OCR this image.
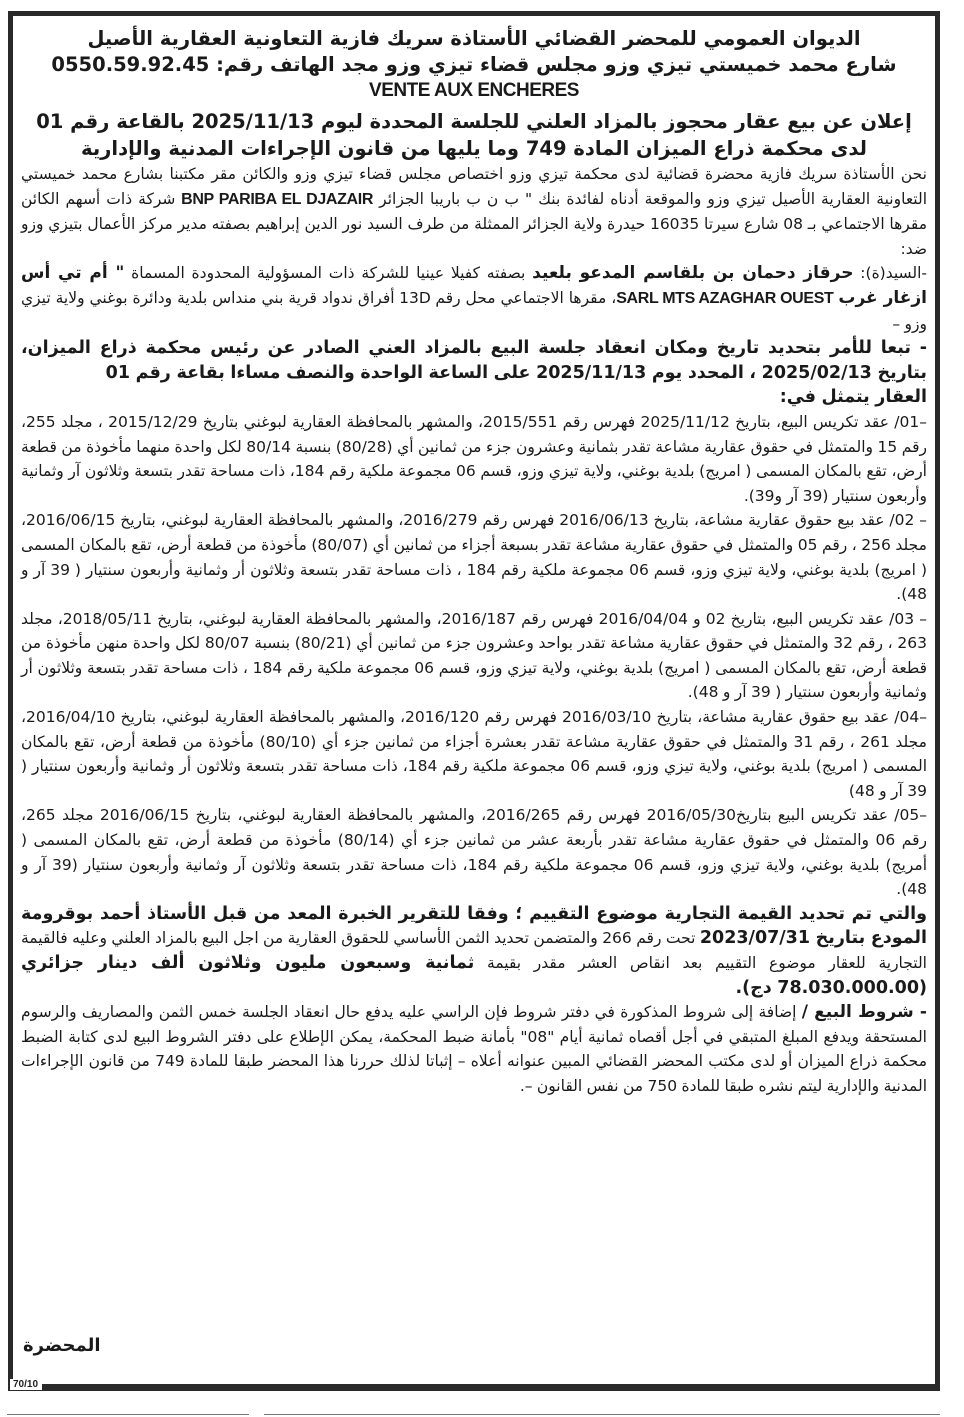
الديوان العمومي للمحضر القضائي الأستاذة سريك فازية التعاونية العقارية الأصيل
شارع محمد خميستي تيزي وزو مجلس قضاء تيزي وزو مجد الهاتف رقم: 0550.59.92.45
VENTE AUX ENCHERES
إعلان عن بيع عقار محجوز بالمزاد العلني للجلسة المحددة ليوم 2025/11/13 بالقاعة رقم 01
لدى محكمة ذراع الميزان المادة 749 وما يليها من قانون الإجراءات المدنية والإدارية

نحن الأستاذة سريك فازية محضرة قضائية لدى محكمة تيزي وزو اختصاص مجلس قضاء تيزي وزو والكائن مقر مكتبنا بشارع محمد خميستي التعاونية العقارية الأصيل تيزي وزو والموقعة أدناه لفائدة بنك " ب ن ب باريبا الجزائر BNP PARIBA EL DJAZAIR شركة ذات أسهم الكائن مقرها الاجتماعي بـ 08 شارع سيرتا 16035 حيدرة ولاية الجزائر الممثلة من طرف السيد نور الدين إبراهيم بصفته مدير مركز الأعمال بتيزي وزو ضد:

-السيد(ة): حرقاز دحمان بن بلقاسم المدعو بلعيد بصفته كفيلا عينيا للشركة ذات المسؤولية المحدودة المسماة " أم تي أس ازغار غرب SARL MTS AZAGHAR OUEST، مقرها الاجتماعي محل رقم 13D أفراق ندواد قرية بني منداس بلدية ودائرة بوغني ولاية تيزي وزو –

- تبعا للأمر بتحديد تاريخ ومكان انعقاد جلسة البيع بالمزاد العني الصادر عن رئيس محكمة ذراع الميزان، بتاريخ 2025/02/13 ، المحدد يوم 2025/11/13 على الساعة الواحدة والنصف مساءا بقاعة رقم 01

العقار يتمثل في:

–01/ عقد تكريس البيع، بتاريخ 2025/11/12 فهرس رقم 2015/551، والمشهر بالمحافظة العقارية لبوغني بتاريخ 2015/12/29 ، مجلد 255، رقم 15 والمتمثل في حقوق عقارية مشاعة تقدر بثمانية وعشرون جزء من ثمانين أي (80/28) بنسبة 80/14 لكل واحدة منهما مأخوذة من قطعة أرض، تقع بالمكان المسمى ( امريج) بلدية بوغني، ولاية تيزي وزو، قسم 06 مجموعة ملكية رقم 184، ذات مساحة تقدر بتسعة وثلاثون آر وثمانية وأربعون سنتيار (39 آر و39).

– 02/ عقد بيع حقوق عقارية مشاعة، بتاريخ 2016/06/13 فهرس رقم 2016/279، والمشهر بالمحافظة العقارية لبوغني، بتاريخ 2016/06/15، مجلد 256 ، رقم 05 والمتمثل في حقوق عقارية مشاعة تقدر بسبعة أجزاء من ثمانين أي (80/07) مأخوذة من قطعة أرض، تقع بالمكان المسمى ( امريج) بلدية بوغني، ولاية تيزي وزو، قسم 06 مجموعة ملكية رقم 184 ، ذات مساحة تقدر بتسعة وثلاثون أر وثمانية وأربعون سنتيار ( 39 آر و 48).

– 03/ عقد تكريس البيع، بتاريخ 02 و 2016/04/04 فهرس رقم 2016/187، والمشهر بالمحافظة العقارية لبوغني، بتاريخ 2018/05/11، مجلد 263 ، رقم 32 والمتمثل في حقوق عقارية مشاعة تقدر بواحد وعشرون جزء من ثمانين أي (80/21) بنسبة 80/07 لكل واحدة منهن مأخوذة من قطعة أرض، تقع بالمكان المسمى ( امريج) بلدية بوغني، ولاية تيزي وزو، قسم 06 مجموعة ملكية رقم 184 ، ذات مساحة تقدر بتسعة وثلاثون أر وثمانية وأربعون سنتيار ( 39 آر و 48).

–04/ عقد بيع حقوق عقارية مشاعة، بتاريخ 2016/03/10 فهرس رقم 2016/120، والمشهر بالمحافظة العقارية لبوغني، بتاريخ 2016/04/10، مجلد 261 ، رقم 31 والمتمثل في حقوق عقارية مشاعة تقدر بعشرة أجزاء من ثمانين جزء أي (80/10) مأخوذة من قطعة أرض، تقع بالمكان المسمى ( امريج) بلدية بوغني، ولاية تيزي وزو، قسم 06 مجموعة ملكية رقم 184، ذات مساحة تقدر بتسعة وثلاثون أر وثمانية وأربعون سنتيار ( 39 آر و 48)

–05/ عقد تكريس البيع بتاريخ2016/05/30 فهرس رقم 2016/265، والمشهر بالمحافظة العقارية لبوغني، بتاريخ 2016/06/15 مجلد 265، رقم 06 والمتمثل في حقوق عقارية مشاعة تقدر بأربعة عشر من ثمانين جزء أي (80/14) مأخوذة من قطعة أرض، تقع بالمكان المسمى ( أمريج) بلدية بوغني، ولاية تيزي وزو، قسم 06 مجموعة ملكية رقم 184، ذات مساحة تقدر بتسعة وثلاثون آر وثمانية وأربعون سنتيار (39 آر و 48).

والتي تم تحديد القيمة التجارية موضوع التقييم ؛ وفقا للتقرير الخبرة المعد من قبل الأستاذ أحمد بوقرومة المودع بتاريخ 2023/07/31 تحت رقم 266 والمتضمن تحديد الثمن الأساسي للحقوق العقارية من اجل البيع بالمزاد العلني وعليه فالقيمة التجارية للعقار موضوع التقييم بعد انقاص العشر مقدر بقيمة ثمانية وسبعون مليون وثلاثون ألف دينار جزائري (78.030.000.00 دج).

- شروط البيع / إضافة إلى شروط المذكورة في دفتر شروط فإن الراسي عليه يدفع حال انعقاد الجلسة خمس الثمن والمصاريف والرسوم المستحقة ويدفع المبلغ المتبقي في أجل أقصاه ثمانية أيام "08" بأمانة ضبط المحكمة، يمكن الإطلاع على دفتر الشروط البيع لدى كتابة الضبط محكمة ذراع الميزان أو لدى مكتب المحضر القضائي المبين عنوانه أعلاه – إثباتا لذلك حررنا هذا المحضر طبقا للمادة 749 من قانون الإجراءات المدنية والإدارية ليتم نشره طبقا للمادة 750 من نفس القانون –.

المحضرة
70/10
